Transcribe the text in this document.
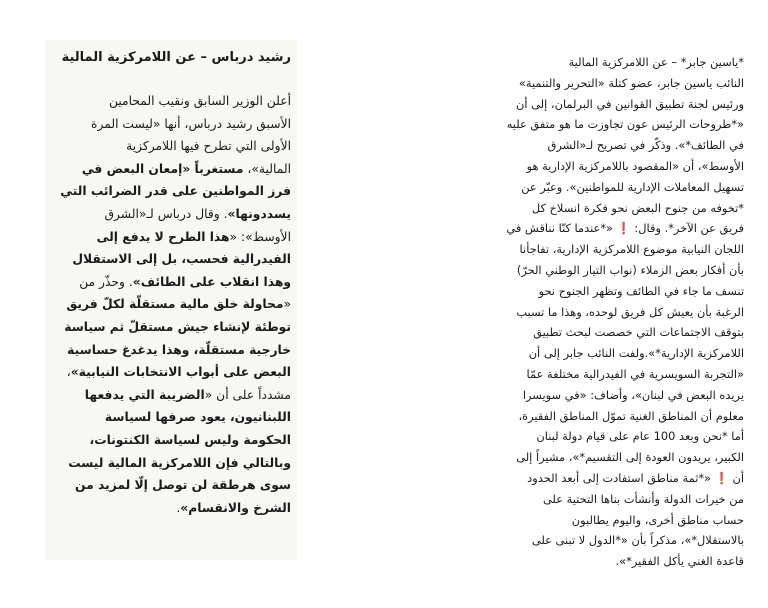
رشيد درباس – عن اللامركزية المالية
أعلن الوزير السابق ونقيب المحامين
الأسبق رشيد درباس، أنها «ليست المرة
الأولى التي تطرح فيها اللامركزية
المالية»، مستغرباً «إمعان البعض في
فرز المواطنين على قدر الضرائب التي
يسددونها». وقال درباس لـ«الشرق
الأوسط»: «هذا الطرح لا يدفع إلى
الفيدرالية فحسب، بل إلى الاستقلال
وهذا انقلاب على الطائف». وحذّر من
«محاولة خلق مالية مستقلّة لكلّ فريق
توطئة لإنشاء جيش مستقلّ ثم سياسة
خارجية مستقلّة، وهذا يدغدغ حساسية
البعض على أبواب الانتخابات النيابية»،
مشدداً على أن «الضريبة التي يدفعها
اللبنانيون، يعود صرفها لسياسة
الحكومة وليس لسياسة الكنتونات،
وبالتالي فإن اللامركزية المالية ليست
سوى هرطقة لن توصل إلّا لمزيد من
الشرخ والانقسام».
*ياسين جابر* – عن اللامركزية المالية
النائب ياسين جابر، عضو كتلة «التحرير والتنمية»
ورئيس لجنة تطبيق القوانين في البرلمان، إلى أن
«*طروحات الرئيس عون تجاوزت ما هو متفق عليه
في الطائف*». وذكّر في تصريح لـ«الشرق
الأوسط»، أن «المقصود باللامركزية الإدارية هو
تسهيل المعاملات الإدارية للمواطنين». وعبّر عن
*تخوفه من جنوح البعض نحو فكرة انسلاخ كل
فريق عن الآخر*. وقال: ❗ «*عندما كنّا نناقش في
اللجان النيابية موضوع اللامركزية الإدارية، تفاجأنا
بأن أفكار بعض الزملاء (نواب التيار الوطني الحرّ)
تنسف ما جاء في الطائف وتظهر الجنوح نحو
الرغبة بأن يعيش كل فريق لوحده، وهذا ما تسبب
بتوقف الاجتماعات التي خصصت لبحث تطبيق
اللامركزية الإدارية*».ولفت النائب جابر إلى أن
«التجربة السويسرية في الفيدرالية مختلفة عمّا
يريده البعض في لبنان»، وأضاف: «في سويسرا
معلوم أن المناطق الغنية تموّل المناطق الفقيرة،
أما *نحن وبعد 100 عام على قيام دولة لبنان
الكبير، يريدون العودة إلى التقسيم*»، مشيراً إلى
أن ❗ «*ثمة مناطق استفادت إلى أبعد الحدود
من خيرات الدولة وأنشأت بناها التحتية على
حساب مناطق أخرى، واليوم يطالبون
بالاستقلال*»، مذكراً بأن «*الدول لا تبنى على
قاعدة الغني يأكل الفقير*».
